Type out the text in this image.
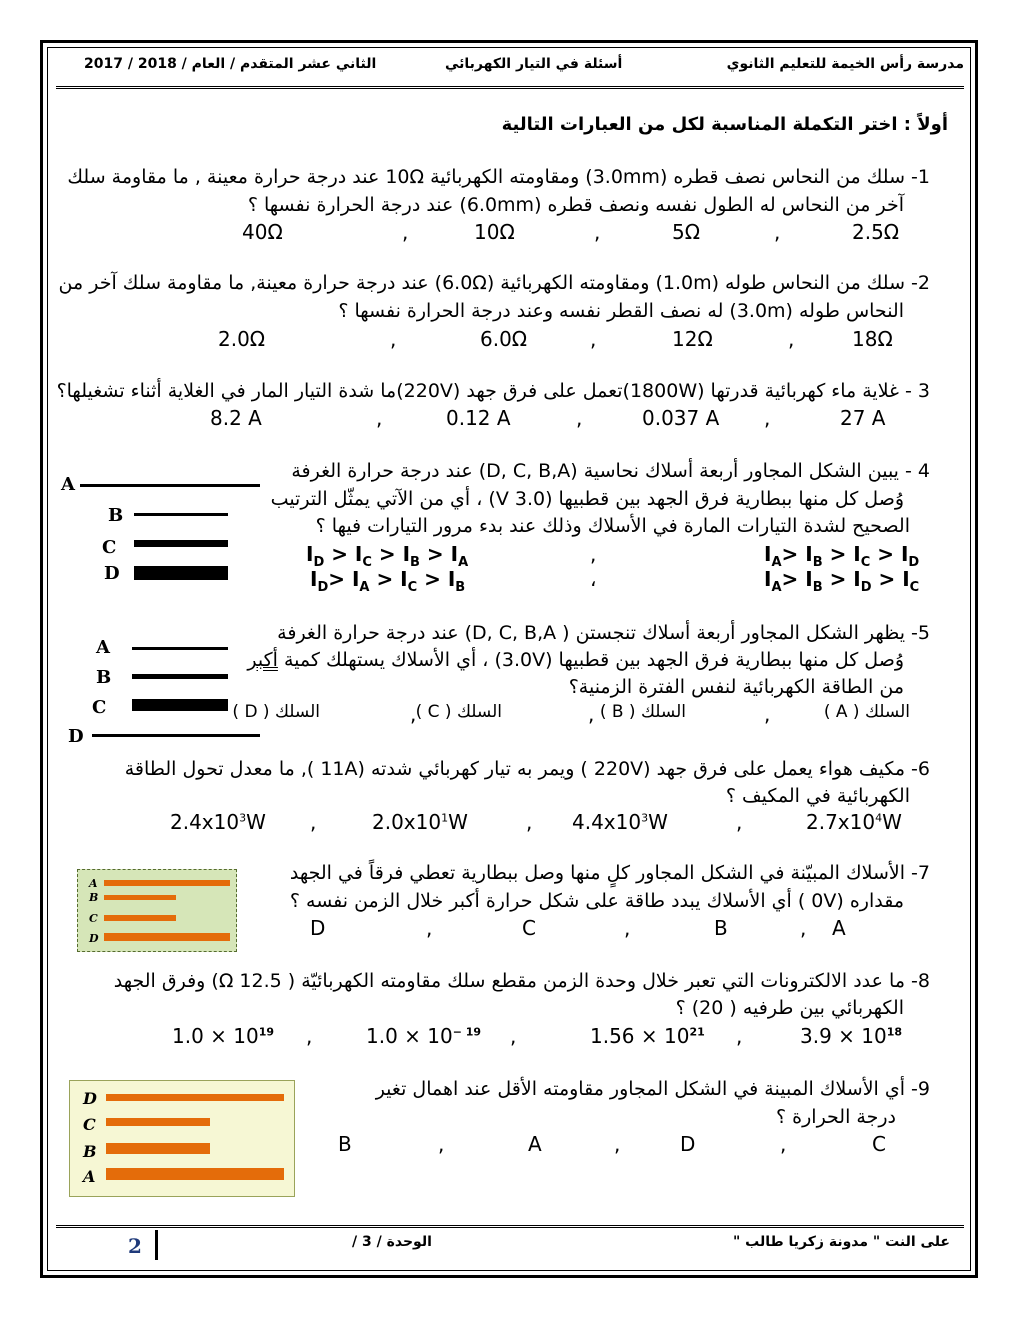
مدرسة رأس الخيمة للتعليم الثانوي
أسئلة في التيار الكهربائي
الثاني عشر المتقدم / العام / 2018 / 2017
أولاً : اختر التكملة المناسبة لكل من العبارات التالية
1- سلك من النحاس نصف قطره (3.0mm) ومقاومته الكهربائية 10Ω عند درجة حرارة معينة , ما مقاومة سلك
آخر من النحاس له الطول نفسه ونصف قطره (6.0mm) عند درجة الحرارة نفسها ؟
2.5Ω
,
5Ω
,
10Ω
,
40Ω
2- سلك من النحاس طوله (1.0m) ومقاومته الكهربائية (6.0Ω) عند درجة حرارة معينة, ما مقاومة سلك آخر من
النحاس طوله (3.0m) له نصف القطر نفسه وعند درجة الحرارة نفسها ؟
18Ω
,
12Ω
,
6.0Ω
,
2.0Ω
3 - غلاية ماء كهربائية قدرتها (1800W)تعمل على فرق جهد (220V)ما شدة التيار المار في الغلاية أثناء تشغيلها؟
27 A
,
0.037 A
,
0.12 A
,
8.2 A
4 - يبين الشكل المجاور أربعة أسلاك نحاسية (D, C, B,A) عند درجة حرارة الغرفة
وُصل كل منها ببطارية فرق الجهد بين قطبيها (3.0 V) ، أي من الآتي يمثّل الترتيب
الصحيح لشدة التيارات المارة في الأسلاك وذلك عند بدء مرور التيارات فيها ؟
$I_A> I_B > I_C > I_D$
,
$I_D > I_C > I_B > I_A$
$I_A> I_B > I_D > I_C$
،
$I_D> I_A > I_C > I_B$
A
B
C
D
5- يظهر الشكل المجاور أربعة أسلاك تنجستن ( D, C, B,A) عند درجة حرارة الغرفة
وُصل كل منها ببطارية فرق الجهد بين قطبيها (3.0V) ، أي الأسلاك يستهلك كمية أكبر
من الطاقة الكهربائية لنفس الفترة الزمنية؟
السلك ( A )
,
السلك ( B )
,
السلك ( C )
,
السلك ( D )
A
B
C
D
6- مكيف هواء يعمل على فرق جهد (220V ) ويمر به تيار كهربائي شدته (11A ), ما معدل تحول الطاقة
الكهربائية في المكيف ؟
$2.7x10^4W$
,
$4.4x10^3W$
,
$2.0x10^1W$
,
$2.4x10^3W$
7- الأسلاك المبيّنة في الشكل المجاور كلٍ منها وصل ببطارية تعطي فرقاً في الجهد
مقداره (0V ) أي الأسلاك يبدد طاقة على شكل حرارة أكبر خلال الزمن نفسه ؟
A
,
B
,
C
,
D
A
B
C
D
8- ما عدد الالكترونات التي تعبر خلال وحدة الزمن مقطع سلك مقاومته الكهربائيّة ( 12.5 Ω) وفرق الجهد
الكهربائي بين طرفيه ( 20) ؟
$3.9 \times 10^{18}$
,
$1.56 \times 10^{21}$
,
$1.0 \times 10^{- 19}$
,
$1.0 \times 10^{19}$
9- أي الأسلاك المبينة في الشكل المجاور مقاومته الأقل عند اهمال تغير
درجة الحرارة ؟
C
,
D
,
A
,
B
D
C
B
A
على النت " مدونة زكريا طالب "
الوحدة / 3 /
2
